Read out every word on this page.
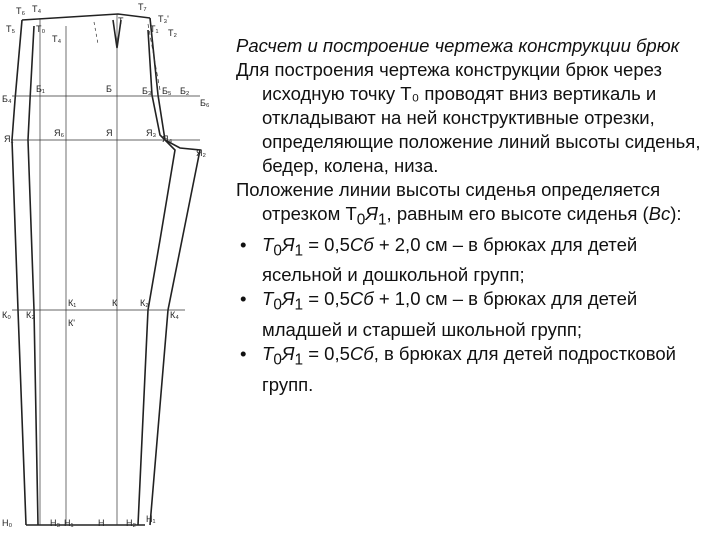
Т₆ Т₄	Т₇
Т₃'
Т
Т₅ Т₀
Т₄
Т₁ Т₂
Б₄
Б₁	Б	Б₃ Б₅ Б₂
Б₆
Я
Я₁
Я₆	Я₃
Я₄
Я₂
К₁	К	К₂
К₀ К₃	К₄
К'
Н₀	Н₃ Н₁	Н Н₂ Н₁

Расчет и построение чертежа конструкции брюк

Для построения чертежа конструкции брюк через исходную точку Т₀ проводят вниз вертикаль и откладывают на ней конструктивные отрезки, определяющие положение линий высоты сиденья, бедер, колена, низа.

Положение линии высоты сиденья определяется отрезком $Т_0Я_1$, равным его высоте сиденья (Вс):

• $Т_0Я_1 = 0,5Сб + 2,0$ см – в брюках для детей ясельной и дошкольной групп;
• $Т_0Я_1 = 0,5Сб + 1,0$ см – в брюках для детей младшей и старшей школьной групп;
• $Т_0Я_1 = 0,5Сб$, в брюках для детей подростковой групп.
